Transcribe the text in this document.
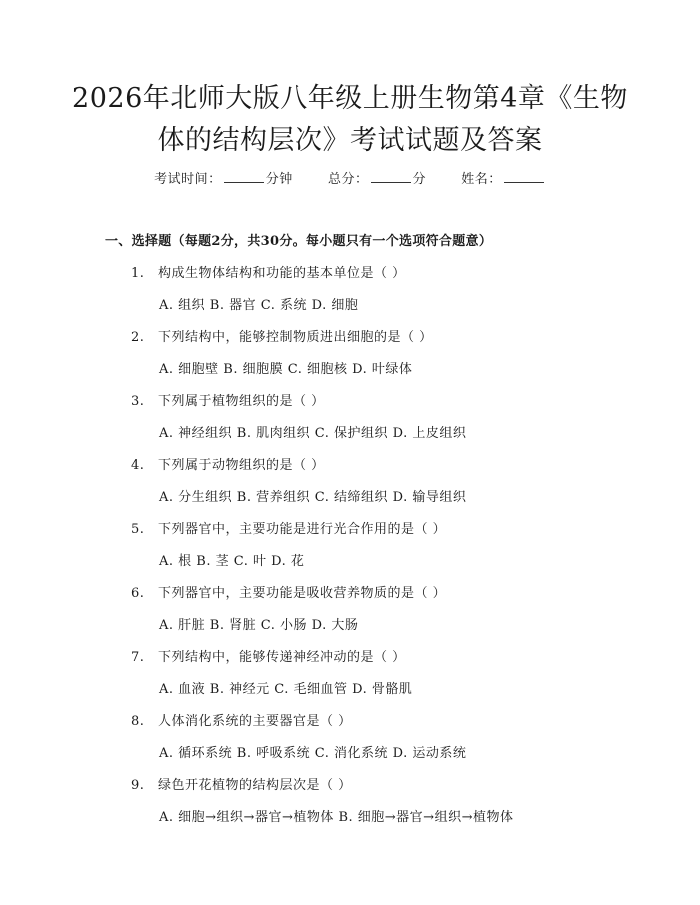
2026年北师大版八年级上册生物第4章《生物体的结构层次》考试试题及答案
考试时间：	分钟	总分：	分	姓名：
一、选择题（每题2分，共30分。每小题只有一个选项符合题意）
1. 构成生物体结构和功能的基本单位是（ ）
A. 组织 B. 器官 C. 系统 D. 细胞
2. 下列结构中，能够控制物质进出细胞的是（ ）
A. 细胞壁 B. 细胞膜 C. 细胞核 D. 叶绿体
3. 下列属于植物组织的是（ ）
A. 神经组织 B. 肌肉组织 C. 保护组织 D. 上皮组织
4. 下列属于动物组织的是（ ）
A. 分生组织 B. 营养组织 C. 结缔组织 D. 输导组织
5. 下列器官中，主要功能是进行光合作用的是（ ）
A. 根 B. 茎 C. 叶 D. 花
6. 下列器官中，主要功能是吸收营养物质的是（ ）
A. 肝脏 B. 肾脏 C. 小肠 D. 大肠
7. 下列结构中，能够传递神经冲动的是（ ）
A. 血液 B. 神经元 C. 毛细血管 D. 骨骼肌
8. 人体消化系统的主要器官是（ ）
A. 循环系统 B. 呼吸系统 C. 消化系统 D. 运动系统
9. 绿色开花植物的结构层次是（ ）
A. 细胞→组织→器官→植物体 B. 细胞→器官→组织→植物体
